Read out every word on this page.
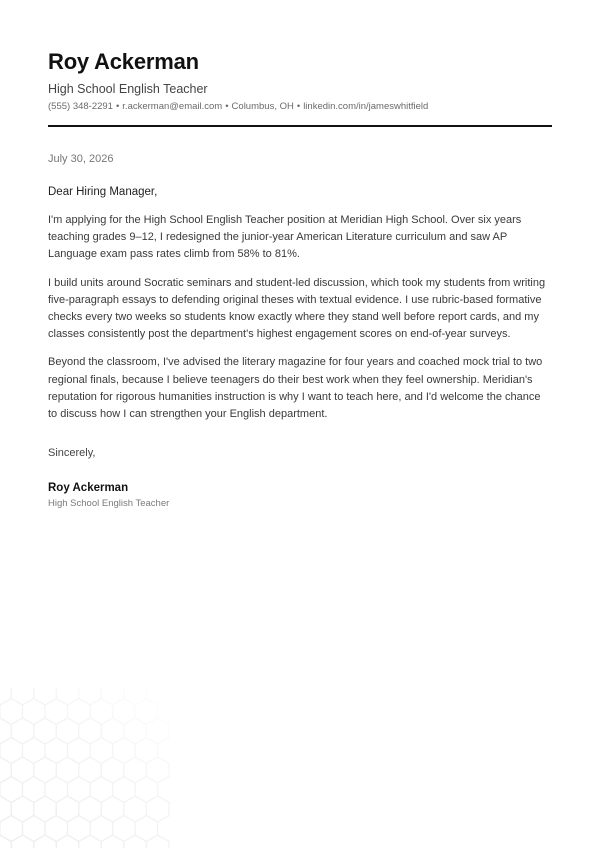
Roy Ackerman
High School English Teacher
(555) 348-2291 • r.ackerman@email.com • Columbus, OH • linkedin.com/in/jameswhitfield
July 30, 2026
Dear Hiring Manager,

I'm applying for the High School English Teacher position at Meridian High School. Over six years teaching grades 9–12, I redesigned the junior-year American Literature curriculum and saw AP Language exam pass rates climb from 58% to 81%.

I build units around Socratic seminars and student-led discussion, which took my students from writing five-paragraph essays to defending original theses with textual evidence. I use rubric-based formative checks every two weeks so students know exactly where they stand well before report cards, and my classes consistently post the department's highest engagement scores on end-of-year surveys.

Beyond the classroom, I've advised the literary magazine for four years and coached mock trial to two regional finals, because I believe teenagers do their best work when they feel ownership. Meridian's reputation for rigorous humanities instruction is why I want to teach here, and I'd welcome the chance to discuss how I can strengthen your English department.

Sincerely,
Roy Ackerman
High School English Teacher
